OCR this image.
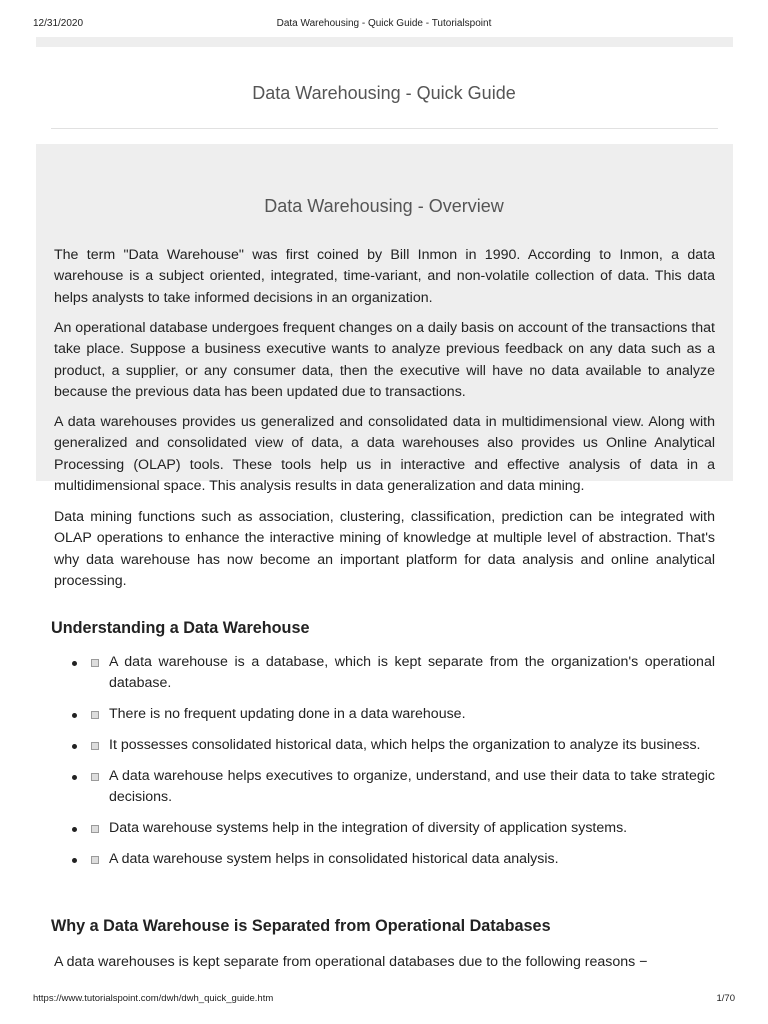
12/31/2020	Data Warehousing - Quick Guide - Tutorialspoint
Data Warehousing - Quick Guide
Data Warehousing - Overview

The term "Data Warehouse" was first coined by Bill Inmon in 1990. According to Inmon, a data warehouse is a subject oriented, integrated, time-variant, and non-volatile collection of data. This data helps analysts to take informed decisions in an organization.

An operational database undergoes frequent changes on a daily basis on account of the transactions that take place. Suppose a business executive wants to analyze previous feedback on any data such as a product, a supplier, or any consumer data, then the executive will have no data available to analyze because the previous data has been updated due to transactions.

A data warehouses provides us generalized and consolidated data in multidimensional view. Along with generalized and consolidated view of data, a data warehouses also provides us Online Analytical Processing (OLAP) tools. These tools help us in interactive and effective analysis of data in a multidimensional space. This analysis results in data generalization and data mining.

Data mining functions such as association, clustering, classification, prediction can be integrated with OLAP operations to enhance the interactive mining of knowledge at multiple level of abstraction. That's why data warehouse has now become an important platform for data analysis and online analytical processing.

Understanding a Data Warehouse
A data warehouse is a database, which is kept separate from the organization's operational database.
There is no frequent updating done in a data warehouse.
It possesses consolidated historical data, which helps the organization to analyze its business.
A data warehouse helps executives to organize, understand, and use their data to take strategic decisions.
Data warehouse systems help in the integration of diversity of application systems.
A data warehouse system helps in consolidated historical data analysis.
Why a Data Warehouse is Separated from Operational Databases

A data warehouses is kept separate from operational databases due to the following reasons −

https://www.tutorialspoint.com/dwh/dwh_quick_guide.htm	1/70
